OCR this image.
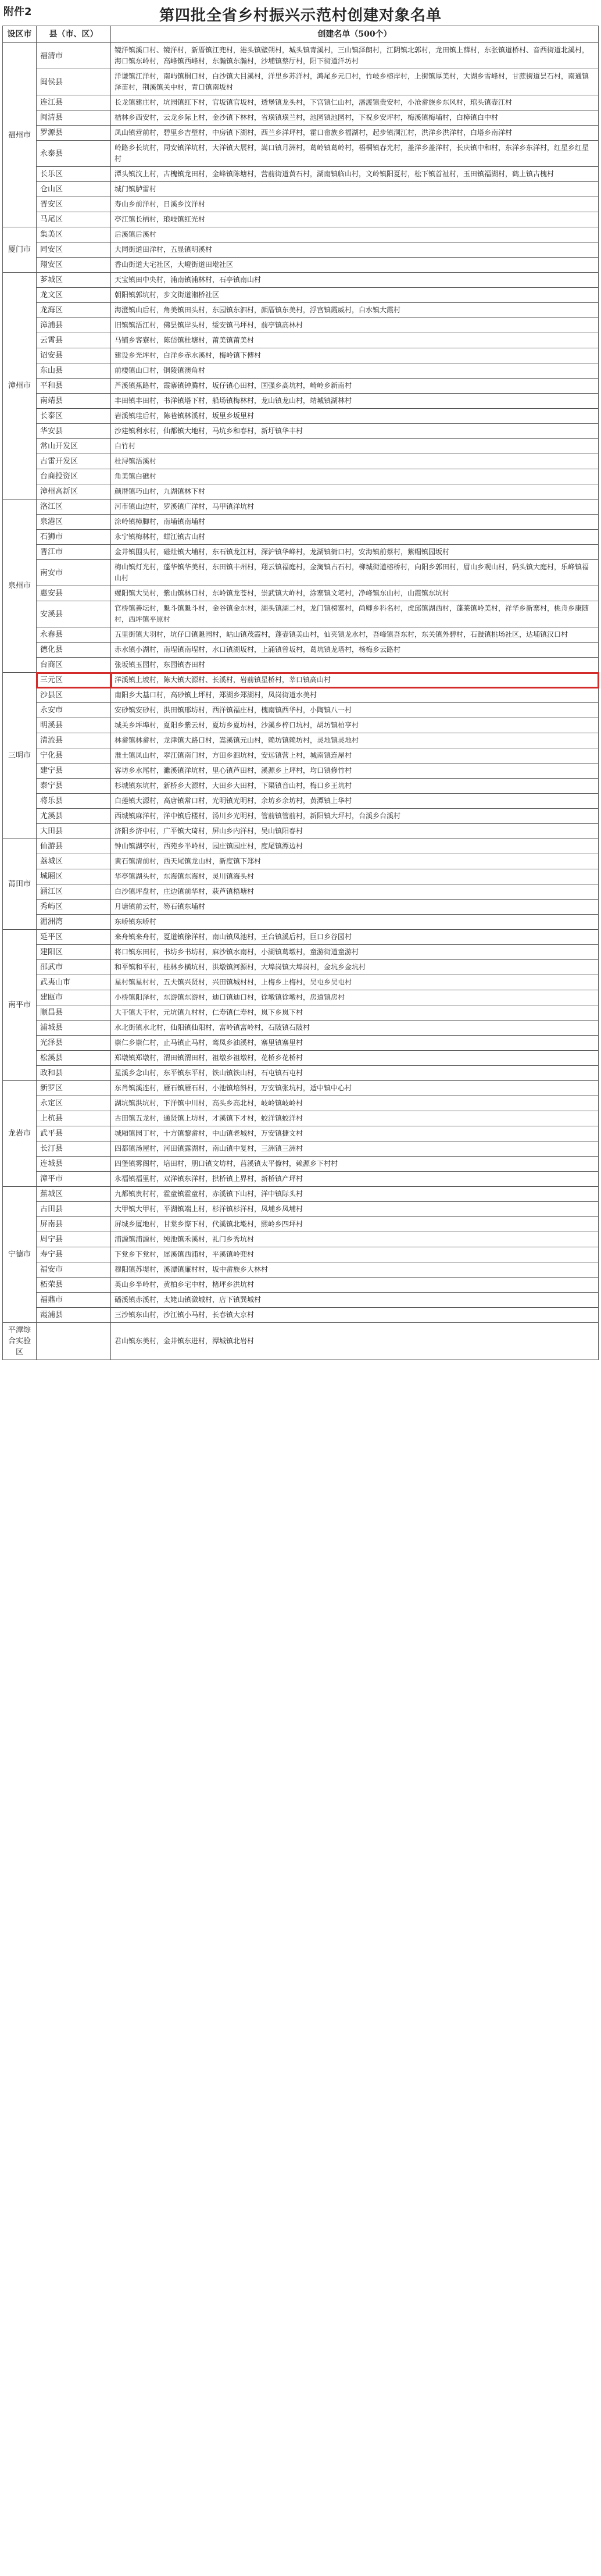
附件2	第四批全省乡村振兴示范村创建对象名单
设区市	县（市、区）	创建名单（500个）
福州市	福清市	镜洋镇溪口村、镜洋村，新厝镇江兜村，港头镇壁朔村，城头镇青溪村，三山镇泽朗村，江阴镇北郭村，龙田镇上薛村，东张镇道桥村、音西街道北溪村，海口镇东岭村，高峰镇西峰村，东瀚镇东瀚村，沙埔镇蔡厅村，阳下街道洋坊村
	闽侯县	洋谦镇江洋村，南屿镇桐口村，白沙镇大目溪村，洋里乡苏洋村，鸿尾乡元口村，竹岐乡榕岸村，上街镇厚美村，大湖乡雪峰村，甘蔗街道昙石村，南通镇泽苗村，荆溪镇关中村，青口镇南坂村
	连江县	长龙镇建庄村，坑园镇红下村，官坂镇官坂村，透堡镇龙头村，下宫镇仁山村，潘渡镇贵安村，小沧畲族乡东风村，琯头镇壶江村
	闽清县	桔林乡西安村，云龙乡际上村，金沙镇下林村，省璜镇璜兰村，池园镇池园村，下祝乡安坪村，梅溪镇梅埔村，白樟镇白中村
	罗源县	凤山镇营前村，碧里乡吉壁村，中房镇下湖村，西兰乡洋坪村，霍口畲族乡福湖村，起步镇洞江村，洪洋乡洪洋村，白塔乡南洋村
	永泰县	岭路乡长坑村，同安镇洋坑村，大洋镇大展村，嵩口镇月洲村，葛岭镇葛岭村，梧桐镇春光村，盖洋乡盖洋村，长庆镇中和村，东洋乡东洋村，红星乡红星村
	长乐区	潭头镇汶上村，古槐镇龙田村，金峰镇陈塘村，营前街道黄石村，湖南镇临山村，文岭镇阳夏村，松下镇首祉村，玉田镇福湖村，鹤上镇古槐村
	仓山区	城门镇胪雷村
	晋安区	寿山乡前洋村，日溪乡汶洋村
	马尾区	亭江镇长柄村，琅岐镇红光村
厦门市	集美区	后溪镇后溪村
	同安区	大同街道田洋村，五显镇明溪村
	翔安区	香山街道大宅社区，大嶝街道田墘社区
漳州市	芗城区	天宝镇田中央村，浦南镇浦林村，石亭镇南山村
	龙文区	朝阳镇郭坑村，步文街道湘桥社区
	龙海区	海澄镇山后村，角美镇田头村，东园镇东泗村，颜厝镇东美村，浮宫镇霞威村，白水镇大霞村
	漳浦县	旧镇镇浯江村，佛昙镇岸头村，绥安镇马坪村，前亭镇高林村
	云霄县	马铺乡客寮村，陈岱镇杜塘村，莆美镇莆美村
	诏安县	建设乡光坪村，白洋乡赤水溪村，梅岭镇下傅村
	东山县	前楼镇山口村，铜陵镇澳角村
	平和县	芦溪镇蕉路村，霞寨镇钟腾村，坂仔镇心田村，国强乡高坑村，崎岭乡新南村
	南靖县	丰田镇丰田村，书洋镇塔下村，船场镇梅林村，龙山镇龙山村，靖城镇湖林村
	长泰区	岩溪镇珪后村，陈巷镇林溪村，坂里乡坂里村
	华安县	沙建镇利水村，仙都镇大地村，马坑乡和春村，新圩镇华丰村
	常山开发区	白竹村
	古雷开发区	杜浔镇浯溪村
	台商投资区	角美镇白礁村
	漳州高新区	颜厝镇巧山村，九湖镇林下村
泉州市	洛江区	河市镇山边村，罗溪镇广洋村，马甲镇洋坑村
	泉港区	涂岭镇樟脚村，南埔镇南埔村
	石狮市	永宁镇梅林村，蚶江镇古山村
	晋江市	金井镇围头村，磁灶镇大埔村，东石镇龙江村，深沪镇华峰村，龙湖镇衙口村，安海镇前蔡村，紫帽镇园坂村
	南安市	梅山镇灯光村，蓬华镇华美村，东田镇丰州村，翔云镇福庭村，金淘镇占石村，柳城街道榕桥村，向阳乡郭田村，眉山乡观山村，码头镇大庭村，乐峰镇福山村
	惠安县	螺阳镇大吴村，紫山镇林口村，东岭镇龙苍村，崇武镇大岞村，涂寨镇文笔村，净峰镇东山村，山霞镇东坑村
	安溪县	官桥镇善坛村，魁斗镇魁斗村，金谷镇金东村，湖头镇湖二村，龙门镇榜寨村，尚卿乡科名村，虎邱镇湖西村，蓬莱镇岭美村，祥华乡新寨村，桃舟乡康随村，西坪镇平原村
	永春县	五里街镇大羽村，坑仔口镇魁园村，岵山镇茂霞村，蓬壶镇美山村，仙夹镇龙水村，吾峰镇吾东村，东关镇外碧村，石鼓镇桃场社区，达埔镇汉口村
	德化县	赤水镇小湖村，南埕镇南埕村，水口镇湖坂村，上涌镇曾坂村，葛坑镇龙塔村，杨梅乡云路村
	台商区	张坂镇玉园村，东园镇杏田村
三明市	三元区	洋溪镇上坡村，陈大镇大源村、长溪村，岩前镇星桥村，莘口镇高山村
	沙县区	南阳乡大基口村，高砂镇上坪村，郑湖乡郑湖村，凤岗街道水美村
	永安市	安砂镇安砂村，洪田镇邢坊村，西洋镇福庄村，槐南镇西华村，小陶镇八一村
	明溪县	城关乡坪埠村，夏阳乡紫云村，夏坊乡夏坊村，沙溪乡梓口坑村，胡坊镇柏亨村
	清流县	林畲镇林畲村，龙津镇大路口村，嵩溪镇元山村，赖坊镇赖坊村，灵地镇灵地村
	宁化县	淮土镇凤山村，翠江镇南门村，方田乡泗坑村，安远镇营上村，城南镇连屋村
	建宁县	客坊乡水尾村，濉溪镇洋坑村，里心镇芦田村，溪源乡上坪村，均口镇修竹村
	泰宁县	杉城镇东坑村，新桥乡大源村，大田乡大田村，下渠镇音山村，梅口乡王坑村
	将乐县	白莲镇大源村，高唐镇常口村，光明镇光明村，余坊乡余坊村，黄潭镇上华村
	尤溪县	西城镇麻洋村，洋中镇后楼村，汤川乡光明村，管前镇管前村，新阳镇大坪村，台溪乡台溪村
	大田县	济阳乡济中村，广平镇大琦村，屏山乡内洋村，吴山镇阳春村
莆田市	仙游县	钟山镇湖亭村，西苑乡半岭村，园庄镇园庄村，度尾镇潭边村
	荔城区	黄石镇清前村，西天尾镇龙山村，新度镇下郑村
	城厢区	华亭镇湖头村，东海镇东海村，灵川镇海头村
	涵江区	白沙镇坪盘村，庄边镇前华村，萩芦镇梧塘村
	秀屿区	月塘镇前云村，笏石镇东埔村
	湄洲湾	东峤镇东峤村
南平市	延平区	来舟镇来舟村，夏道镇徐洋村，南山镇凤池村，王台镇溪后村，巨口乡谷园村
	建阳区	将口镇东田村，书坊乡书坊村，麻沙镇水南村，小湖镇葛墩村，童游街道童游村
	邵武市	和平镇和平村，桂林乡横坑村，洪墩镇河源村，大埠岗镇大埠岗村，金坑乡金坑村
	武夷山市	星村镇星村村，五夫镇兴贤村，兴田镇城村村，上梅乡上梅村，吴屯乡吴屯村
	建瓯市	小桥镇阳泽村，东游镇东游村，迪口镇迪口村，徐墩镇徐墩村，房道镇房村
	顺昌县	大干镇大干村，元坑镇九村村，仁寿镇仁寿村，岚下乡岚下村
	浦城县	水北街镇水北村，仙阳镇仙阳村，富岭镇富岭村，石陂镇石陂村
	光泽县	崇仁乡崇仁村，止马镇止马村，鸾凤乡油溪村，寨里镇寨里村
	松溪县	郑墩镇郑墩村，渭田镇渭田村，祖墩乡祖墩村，花桥乡花桥村
	政和县	星溪乡念山村，东平镇东平村，铁山镇铁山村，石屯镇石屯村
龙岩市	新罗区	东肖镇溪连村，雁石镇雁石村，小池镇培斜村，万安镇张坑村，适中镇中心村
	永定区	湖坑镇洪坑村，下洋镇中川村，高头乡高北村，岐岭镇岐岭村
	上杭县	古田镇五龙村，通贤镇上坊村，才溪镇下才村，蛟洋镇蛟洋村
	武平县	城厢镇园丁村，十方镇黎畲村，中山镇老城村，万安镇捷文村
	长汀县	四都镇汤屋村，河田镇露湖村，南山镇中复村，三洲镇三洲村
	连城县	四堡镇雾阁村，培田村，朋口镇文坊村，莒溪镇太平僚村，赖源乡下村村
	漳平市	永福镇福里村，双洋镇东洋村，拱桥镇上界村，新桥镇产坪村
宁德市	蕉城区	九都镇贵村村，霍童镇霍童村，赤溪镇下山村，洋中镇际头村
	古田县	大甲镇大甲村，平湖镇端上村，杉洋镇杉洋村，凤埔乡凤埔村
	屏南县	屏城乡厦地村，甘棠乡漈下村，代溪镇北墘村，熙岭乡四坪村
	周宁县	浦源镇浦源村，纯池镇禾溪村，礼门乡秀坑村
	寿宁县	下党乡下党村，犀溪镇西浦村，平溪镇岭兜村
	福安市	穆阳镇苏堤村，溪潭镇廉村村，坂中畲族乡大林村
	柘荣县	英山乡半岭村，黄柏乡宅中村，楮坪乡洪坑村
	福鼎市	磻溪镇赤溪村，太姥山镇潋城村，店下镇巽城村
	霞浦县	三沙镇东山村，沙江镇小马村，长春镇大京村
平潭综合实验区		君山镇东美村，金井镇东进村，潭城镇北岩村
